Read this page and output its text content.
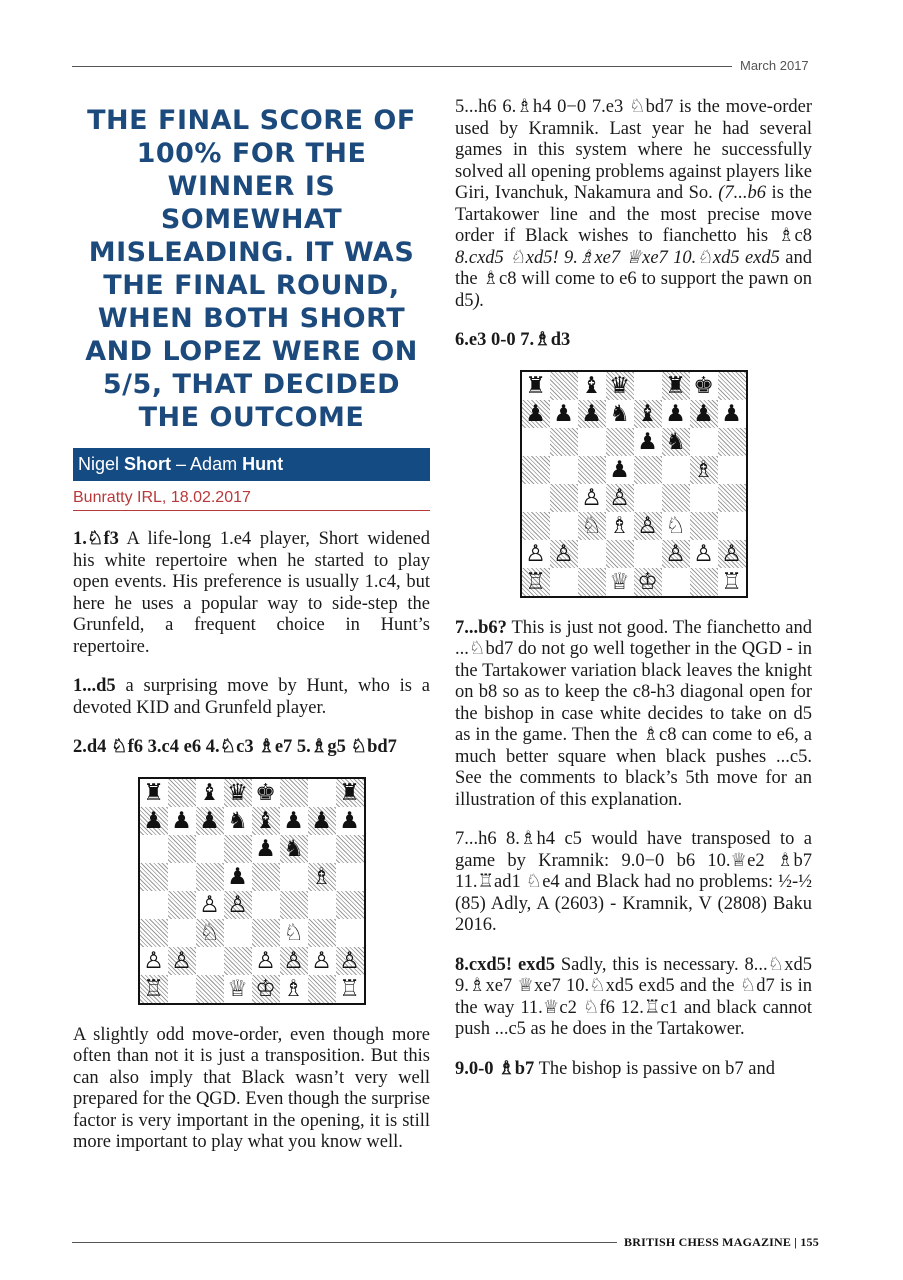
March 2017
THE FINAL SCORE OF 100% FOR THE WINNER IS SOMEWHAT MISLEADING. IT WAS THE FINAL ROUND, WHEN BOTH SHORT AND LOPEZ WERE ON 5/5, THAT DECIDED THE OUTCOME
Nigel Short – Adam Hunt
Bunratty IRL, 18.02.2017

1.♘f3 A life-long 1.e4 player, Short widened his white repertoire when he started to play open events. His preference is usually 1.c4, but here he uses a popular way to side-step the Grunfeld, a frequent choice in Hunt’s repertoire.

1...d5 a surprising move by Hunt, who is a devoted KID and Grunfeld player.

2.d4 ♘f6 3.c4 e6 4.♘c3 ♗e7 5.♗g5 ♘bd7

♜ ♝ ♛ ♚	♜
♟ ♟ ♟ ♞ ♝ ♟ ♟ ♟
♟ ♞
♟	♗
♙ ♙
♘	♘
♙ ♙	♙ ♙ ♙ ♙
♖	♕ ♔ ♗ ♖

A slightly odd move-order, even though more often than not it is just a transposition. But this can also imply that Black wasn’t very well prepared for the QGD. Even though the surprise factor is very important in the opening, it is still more important to play what you know well.

5...h6 6.♗h4 0−0 7.e3 ♘bd7 is the move-order used by Kramnik. Last year he had several games in this system where he successfully solved all opening problems against players like Giri, Ivanchuk, Nakamura and So. (7...b6 is the Tartakower line and the most precise move order if Black wishes to fianchetto his ♗c8 8.cxd5 ♘xd5! 9.♗xe7 ♕xe7 10.♘xd5 exd5 and the ♗c8 will come to e6 to support the pawn on d5).

6.e3 0-0 7.♗d3

♜ ♝ ♛ ♜ ♚
♟ ♟ ♟ ♞ ♝ ♟ ♟ ♟
♟ ♞
♟	♗
♙ ♙
♘ ♗ ♙ ♘
♙ ♙	♙ ♙ ♙
♖	♕ ♔	♖

7...b6? This is just not good. The fianchetto and ...♘bd7 do not go well together in the QGD - in the Tartakower variation black leaves the knight on b8 so as to keep the c8-h3 diagonal open for the bishop in case white decides to take on d5 as in the game. Then the ♗c8 can come to e6, a much better square when black pushes ...c5. See the comments to black’s 5th move for an illustration of this explanation.

7...h6 8.♗h4 c5 would have transposed to a game by Kramnik: 9.0−0 b6 10.♕e2 ♗b7 11.♖ad1 ♘e4 and Black had no problems: ½-½ (85) Adly, A (2603) - Kramnik, V (2808) Baku 2016.

8.cxd5! exd5 Sadly, this is necessary. 8...♘xd5 9.♗xe7 ♕xe7 10.♘xd5 exd5 and the ♘d7 is in the way 11.♕c2 ♘f6 12.♖c1 and black cannot push ...c5 as he does in the Tartakower.

9.0-0 ♗b7 The bishop is passive on b7 and

BRITISH CHESS MAGAZINE | 155
